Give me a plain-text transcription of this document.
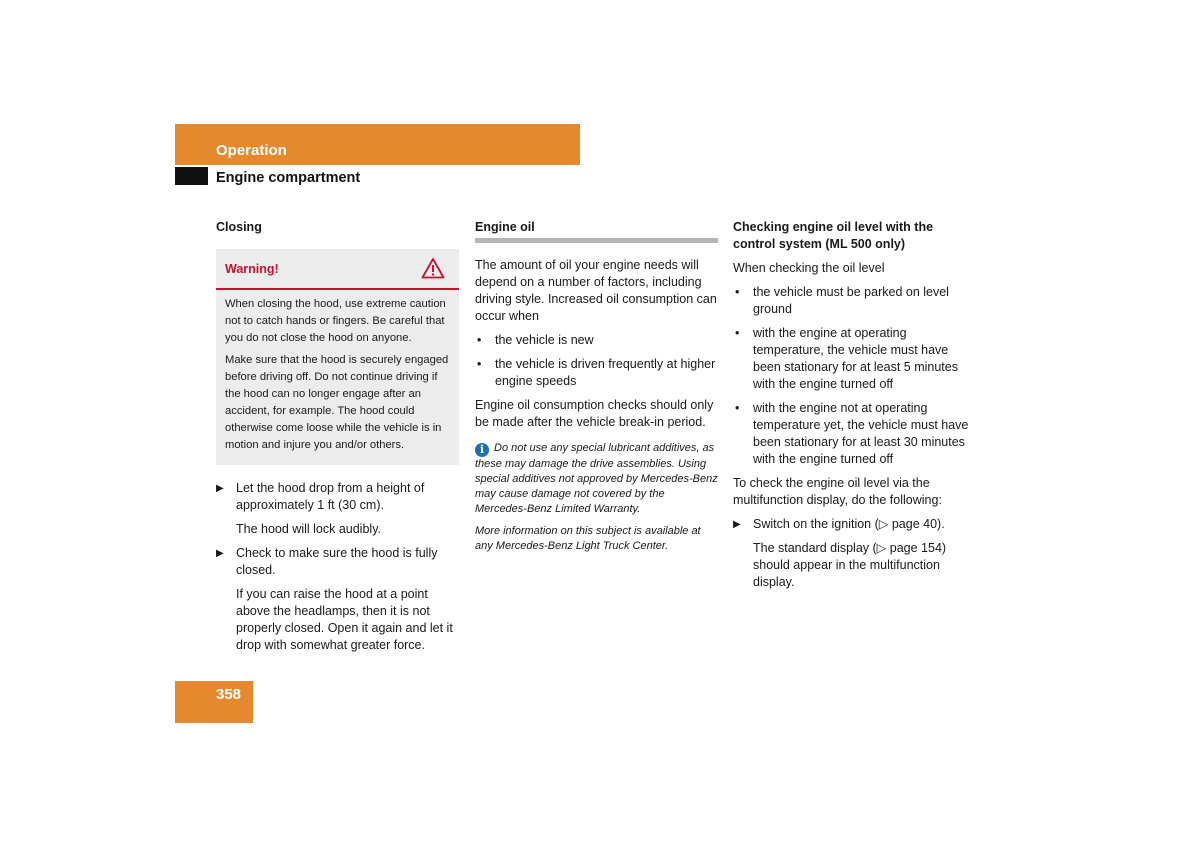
Operation
Engine compartment

Closing

Warning!

When closing the hood, use extreme caution not to catch hands or fingers. Be careful that you do not close the hood on anyone.

Make sure that the hood is securely engaged before driving off. Do not continue driving if the hood can no longer engage after an accident, for example. The hood could otherwise come loose while the vehicle is in motion and injure you and/or others.

▶ Let the hood drop from a height of approximately 1 ft (30 cm).

The hood will lock audibly.

▶ Check to make sure the hood is fully closed.

If you can raise the hood at a point above the headlamps, then it is not properly closed. Open it again and let it drop with somewhat greater force.

Engine oil

The amount of oil your engine needs will depend on a number of factors, including driving style. Increased oil consumption can occur when

• the vehicle is new
• the vehicle is driven frequently at higher engine speeds

Engine oil consumption checks should only be made after the vehicle break-in period.

i Do not use any special lubricant additives, as these may damage the drive assemblies. Using special additives not approved by Mercedes-Benz may cause damage not covered by the Mercedes-Benz Limited Warranty.

More information on this subject is available at any Mercedes-Benz Light Truck Center.

Checking engine oil level with the control system (ML 500 only)

When checking the oil level

• the vehicle must be parked on level ground
• with the engine at operating temperature, the vehicle must have been stationary for at least 5 minutes with the engine turned off
• with the engine not at operating temperature yet, the vehicle must have been stationary for at least 30 minutes with the engine turned off

To check the engine oil level via the multifunction display, do the following:

▶ Switch on the ignition (▷ page 40).

The standard display (▷ page 154) should appear in the multifunction display.

358
